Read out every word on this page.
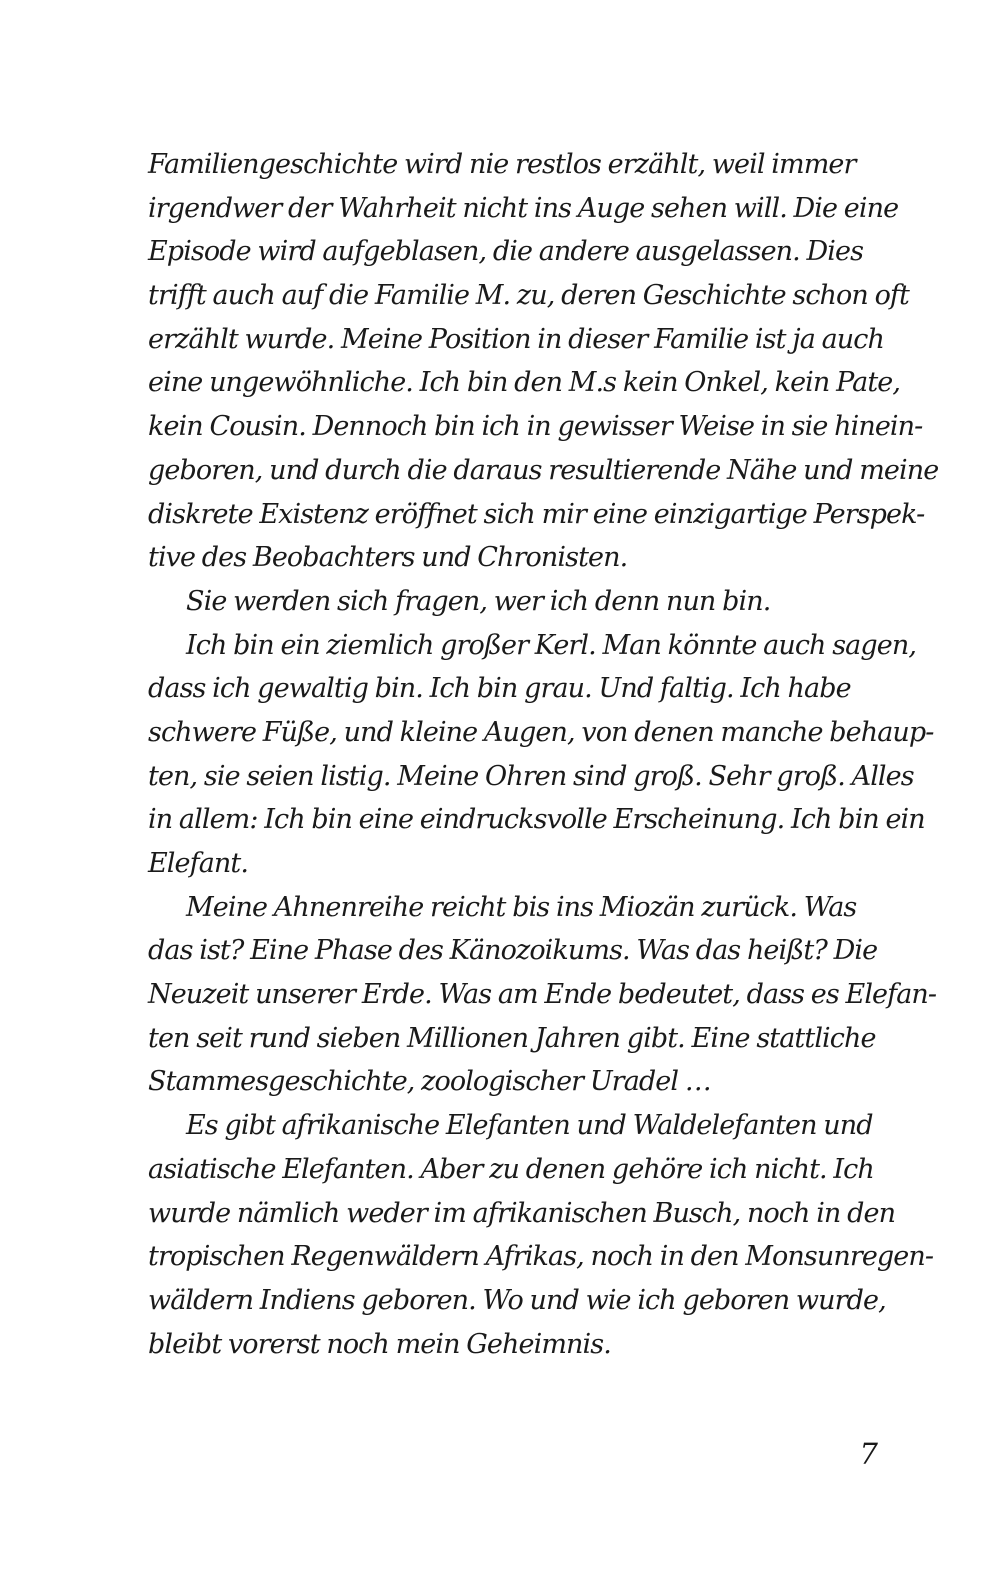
Familiengeschichte wird nie restlos erzählt, weil immer
irgendwer der Wahrheit nicht ins Auge sehen will. Die eine
Episode wird aufgeblasen, die andere ausgelassen. Dies
trifft auch auf die Familie M. zu, deren Geschichte schon oft
erzählt wurde. Meine Position in dieser Familie ist ja auch
eine ungewöhnliche. Ich bin den M.s kein Onkel, kein Pate,
kein Cousin. Dennoch bin ich in gewisser Weise in sie hinein-
geboren, und durch die daraus resultierende Nähe und meine
diskrete Existenz eröffnet sich mir eine einzigartige Perspek-
tive des Beobachters und Chronisten.
Sie werden sich fragen, wer ich denn nun bin.
Ich bin ein ziemlich großer Kerl. Man könnte auch sagen,
dass ich gewaltig bin. Ich bin grau. Und faltig. Ich habe
schwere Füße, und kleine Augen, von denen manche behaup-
ten, sie seien listig. Meine Ohren sind groß. Sehr groß. Alles
in allem: Ich bin eine eindrucksvolle Erscheinung. Ich bin ein
Elefant.
Meine Ahnenreihe reicht bis ins Miozän zurück. Was
das ist? Eine Phase des Känozoikums. Was das heißt? Die
Neuzeit unserer Erde. Was am Ende bedeutet, dass es Elefan-
ten seit rund sieben Millionen Jahren gibt. Eine stattliche
Stammesgeschichte, zoologischer Uradel …
Es gibt afrikanische Elefanten und Waldelefanten und
asiatische Elefanten. Aber zu denen gehöre ich nicht. Ich
wurde nämlich weder im afrikanischen Busch, noch in den
tropischen Regenwäldern Afrikas, noch in den Monsunregen-
wäldern Indiens geboren. Wo und wie ich geboren wurde,
bleibt vorerst noch mein Geheimnis.
7
